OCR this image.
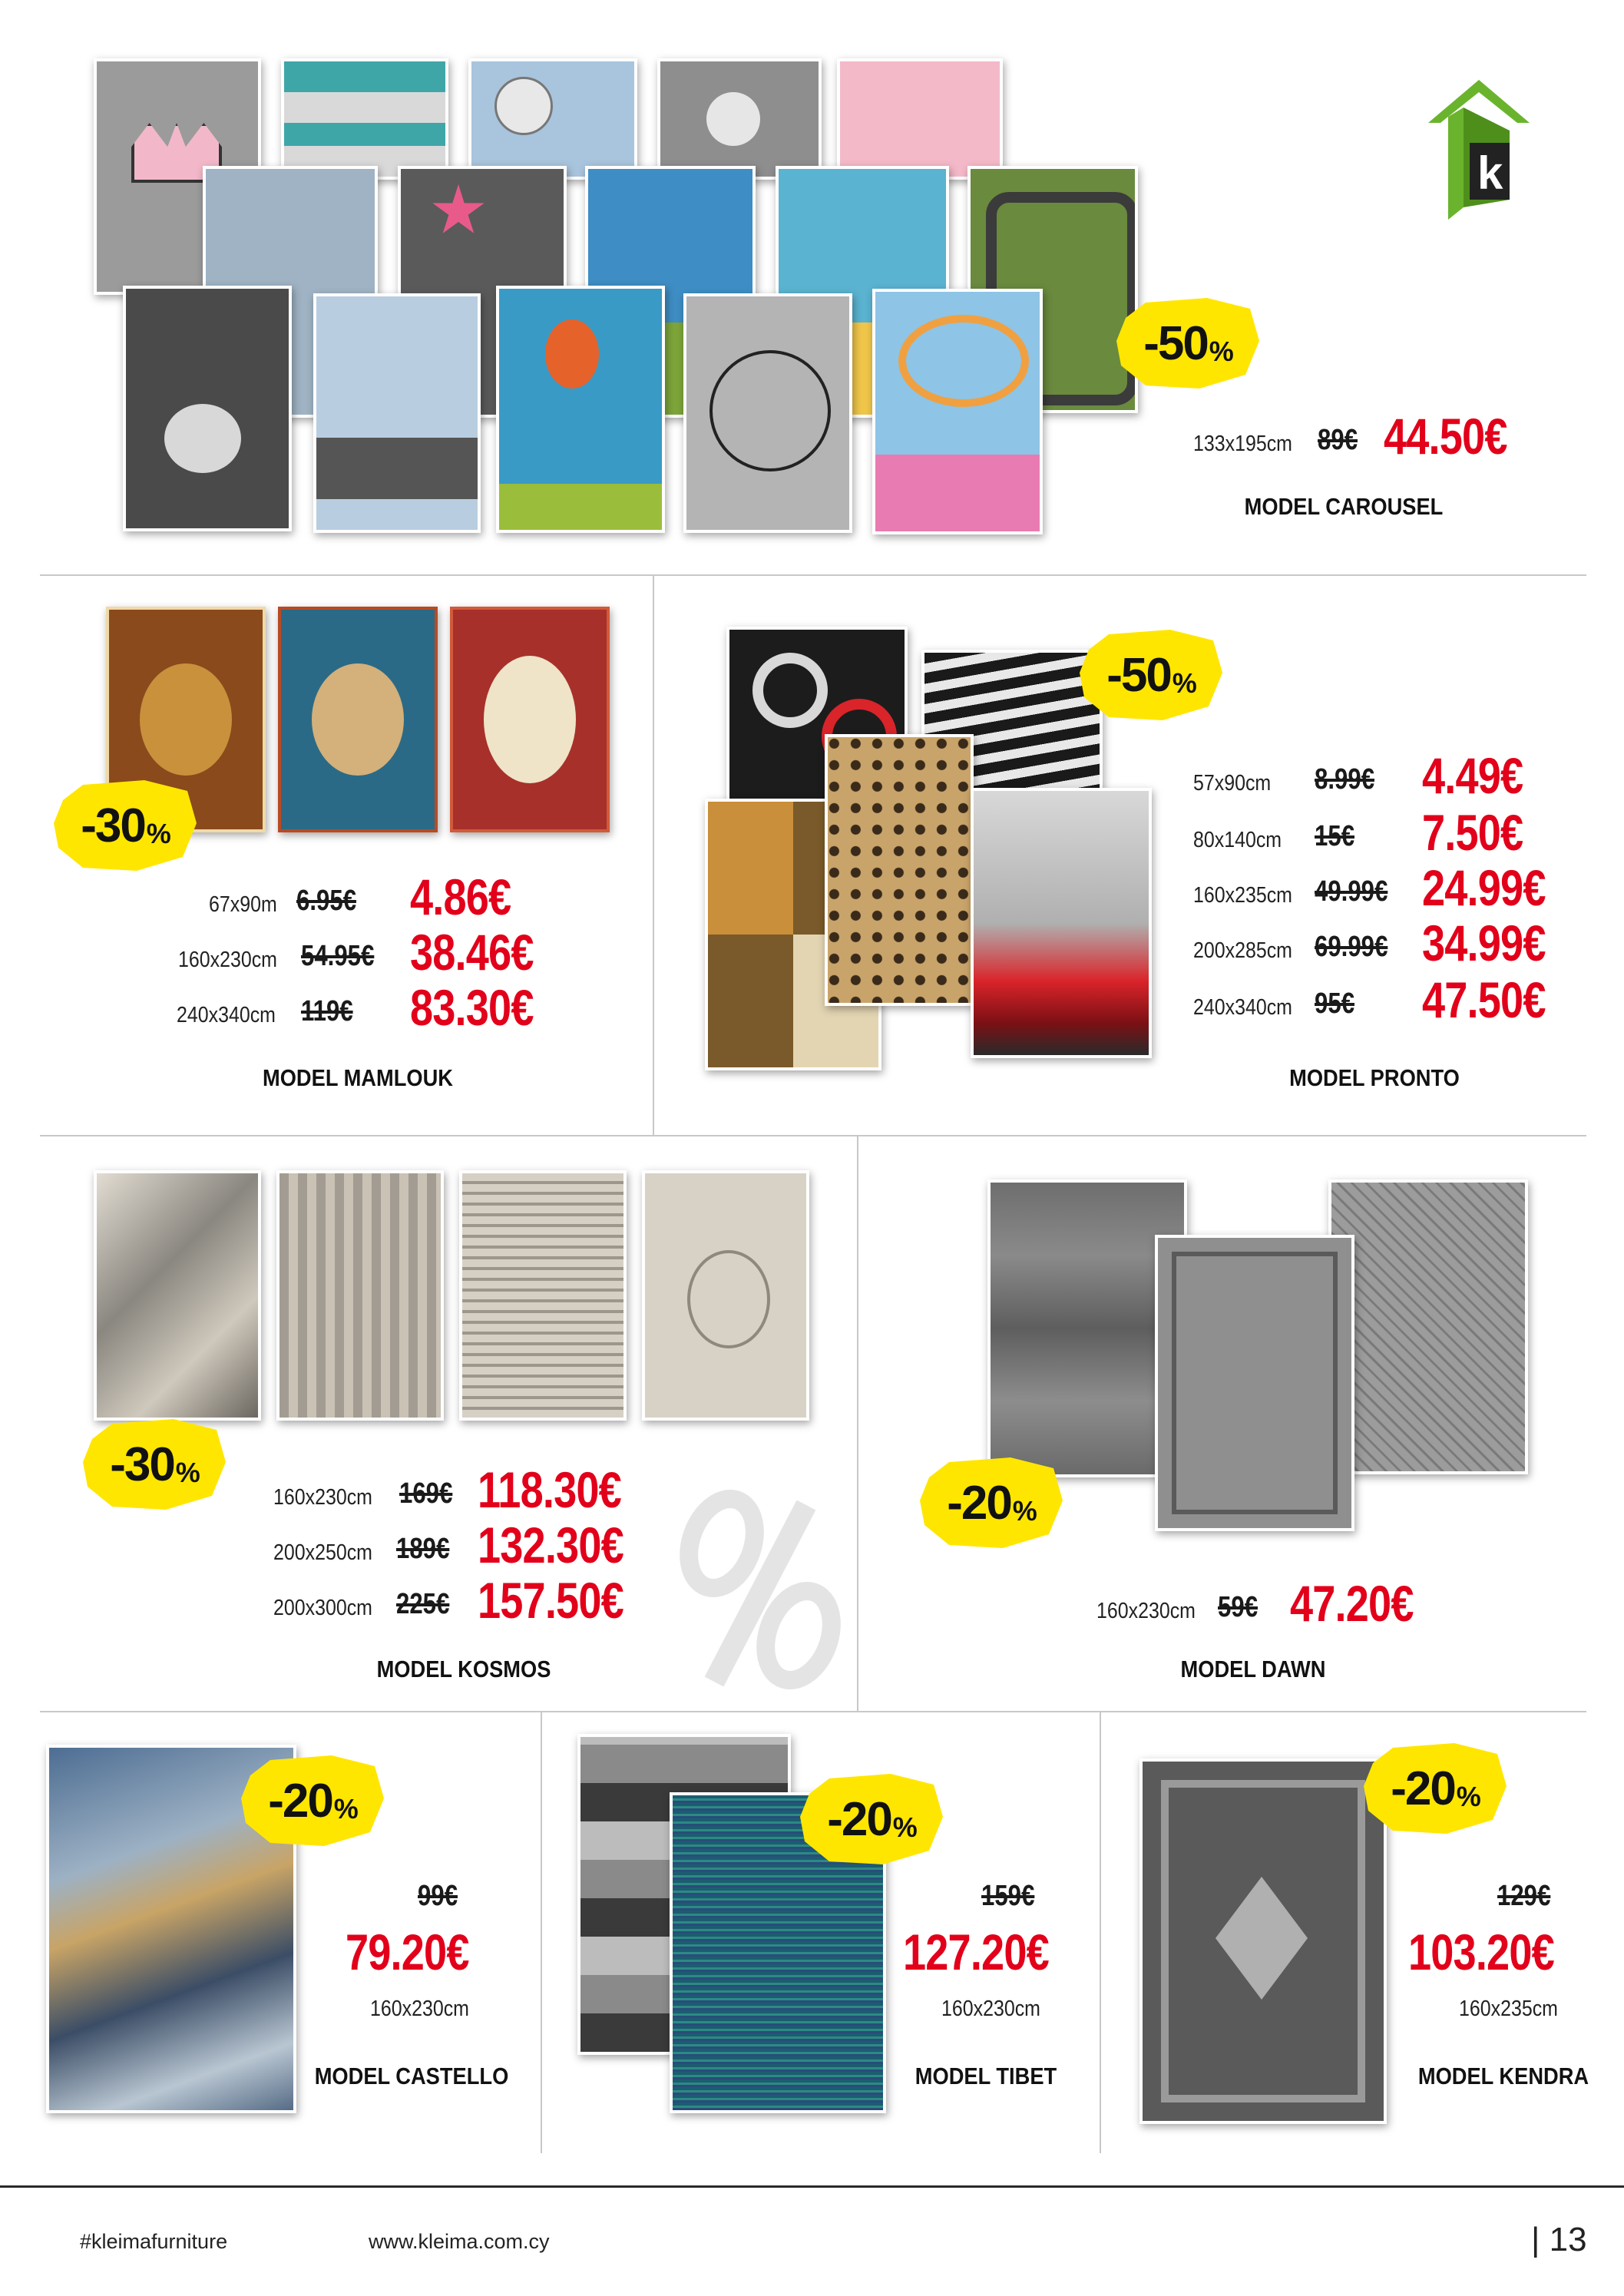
k
-50 %
133x195cm 89€ 44.50€
MODEL CAROUSEL
-30 %
67x90m 6.95€ 4.86€
160x230cm 54.95€ 38.46€
240x340cm 119€ 83.30€
MODEL MAMLOUK
-50 %
57x90cm 8.99€ 4.49€
80x140cm 15€ 7.50€
160x235cm 49.99€ 24.99€
200x285cm 69.99€ 34.99€
240x340cm 95€ 47.50€
MODEL PRONTO
-30 %
160x230cm 169€ 118.30€
200x250cm 189€ 132.30€
200x300cm 225€ 157.50€
MODEL KOSMOS
-20 %
160x230cm 59€ 47.20€
MODEL DAWN
-20 %
99€
79.20€
160x230cm
MODEL CASTELLO
-20 %
159€
127.20€
160x230cm
MODEL TIBET
-20 %
129€
103.20€
160x235cm
MODEL KENDRA
#kleimafurniture	www.kleima.com.cy	| 13
